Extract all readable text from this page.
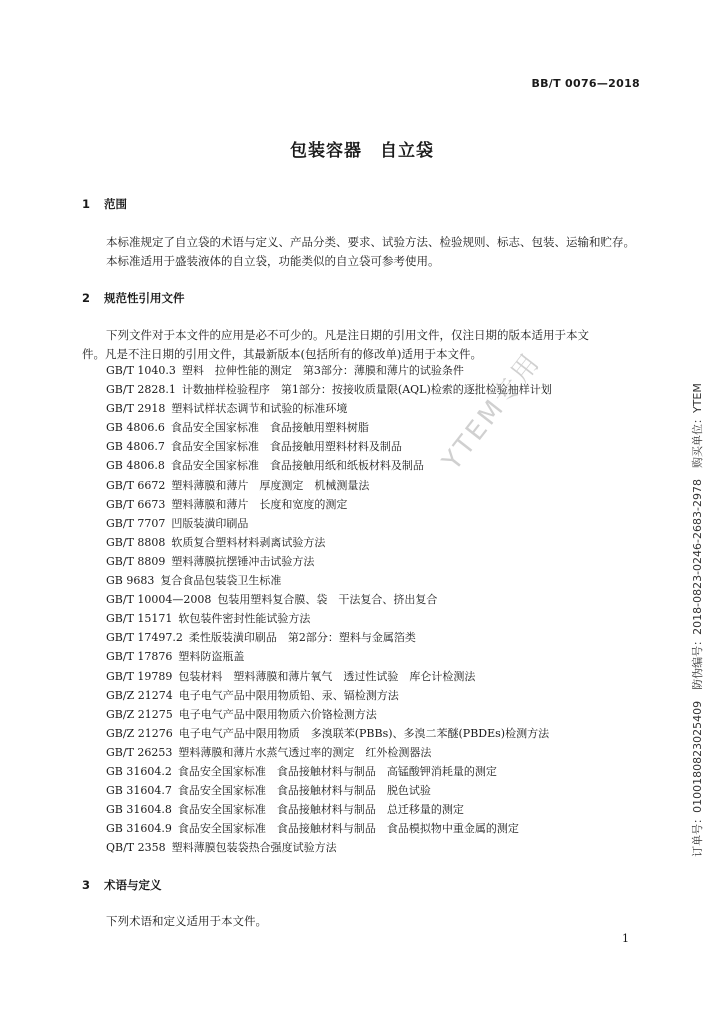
BB/T 0076—2018
包装容器　自立袋
1 范围
本标准规定了自立袋的术语与定义、产品分类、要求、试验方法、检验规则、标志、包装、运输和贮存。
本标准适用于盛装液体的自立袋，功能类似的自立袋可参考使用。
2 规范性引用文件
下列文件对于本文件的应用是必不可少的。凡是注日期的引用文件，仅注日期的版本适用于本文
件。凡是不注日期的引用文件，其最新版本(包括所有的修改单)适用于本文件。
GB/T 1040.3 塑料　拉伸性能的测定　第3部分：薄膜和薄片的试验条件
GB/T 2828.1 计数抽样检验程序　第1部分：按接收质量限(AQL)检索的逐批检验抽样计划
GB/T 2918 塑料试样状态调节和试验的标准环境
GB 4806.6 食品安全国家标准　食品接触用塑料树脂
GB 4806.7 食品安全国家标准　食品接触用塑料材料及制品
GB 4806.8 食品安全国家标准　食品接触用纸和纸板材料及制品
GB/T 6672 塑料薄膜和薄片　厚度测定　机械测量法
GB/T 6673 塑料薄膜和薄片　长度和宽度的测定
GB/T 7707 凹版装潢印刷品
GB/T 8808 软质复合塑料材料剥离试验方法
GB/T 8809 塑料薄膜抗摆锤冲击试验方法
GB 9683 复合食品包装袋卫生标准
GB/T 10004—2008 包装用塑料复合膜、袋　干法复合、挤出复合
GB/T 15171 软包装件密封性能试验方法
GB/T 17497.2 柔性版装潢印刷品　第2部分：塑料与金属箔类
GB/T 17876 塑料防盗瓶盖
GB/T 19789 包装材料　塑料薄膜和薄片氧气　透过性试验　库仑计检测法
GB/Z 21274 电子电气产品中限用物质铅、汞、镉检测方法
GB/Z 21275 电子电气产品中限用物质六价铬检测方法
GB/Z 21276 电子电气产品中限用物质　多溴联苯(PBBs)、多溴二苯醚(PBDEs)检测方法
GB/T 26253 塑料薄膜和薄片水蒸气透过率的测定　红外检测器法
GB 31604.2 食品安全国家标准　食品接触材料与制品　高锰酸钾消耗量的测定
GB 31604.7 食品安全国家标准　食品接触材料与制品　脱色试验
GB 31604.8 食品安全国家标准　食品接触材料与制品　总迁移量的测定
GB 31604.9 食品安全国家标准　食品接触材料与制品　食品模拟物中重金属的测定
QB/T 2358 塑料薄膜包装袋热合强度试验方法
3 术语与定义
下列术语和定义适用于本文件。
1
订单号：0100180823025409　防伪编号：2018-0823-0246-2683-2978　购买单位：YTEM
YTEM专用
